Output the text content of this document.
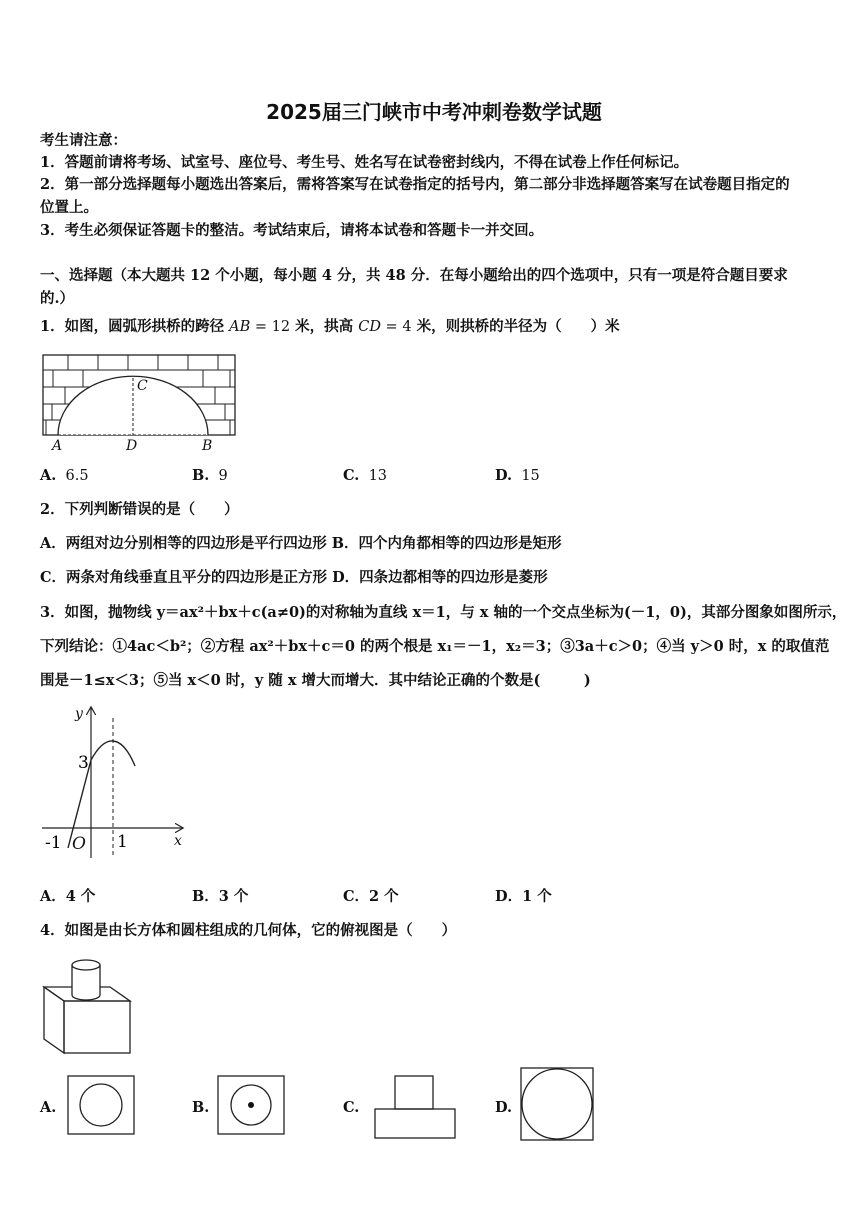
2025届三门峡市中考冲刺卷数学试题
考生请注意：
1．答题前请将考场、试室号、座位号、考生号、姓名写在试卷密封线内，不得在试卷上作任何标记。
2．第一部分选择题每小题选出答案后，需将答案写在试卷指定的括号内，第二部分非选择题答案写在试卷题目指定的
位置上。
3．考生必须保证答题卡的整洁。考试结束后，请将本试卷和答题卡一并交回。
一、选择题（本大题共 12 个小题，每小题 4 分，共 48 分．在每小题给出的四个选项中，只有一项是符合题目要求
的.）
1．如图，圆弧形拱桥的跨径 AB = 12 米，拱高 CD = 4 米，则拱桥的半径为（　　）米
A	D	B
C
A. 6.5	B. 9	C. 13	D. 15
2．下列判断错误的是（　　）
A．两组对边分别相等的四边形是平行四边形 B．四个内角都相等的四边形是矩形
C．两条对角线垂直且平分的四边形是正方形 D．四条边都相等的四边形是菱形
3．如图，抛物线 y＝ax²＋bx＋c(a≠0)的对称轴为直线 x＝1，与 x 轴的一个交点坐标为(－1，0)，其部分图象如图所示，
下列结论：①4ac＜b²；②方程 ax²＋bx＋c＝0 的两个根是 x₁＝－1，x₂＝3；③3a＋c＞0；④当 y＞0 时，x 的取值范
围是－1≤x＜3；⑤当 x＜0 时，y 随 x 增大而增大．其中结论正确的个数是(　　　)
y
x
3
-1 O 1
A．4 个	B．3 个	C．2 个	D．1 个
4．如图是由长方体和圆柱组成的几何体，它的俯视图是（　　）
A.	B.	C.	D.
